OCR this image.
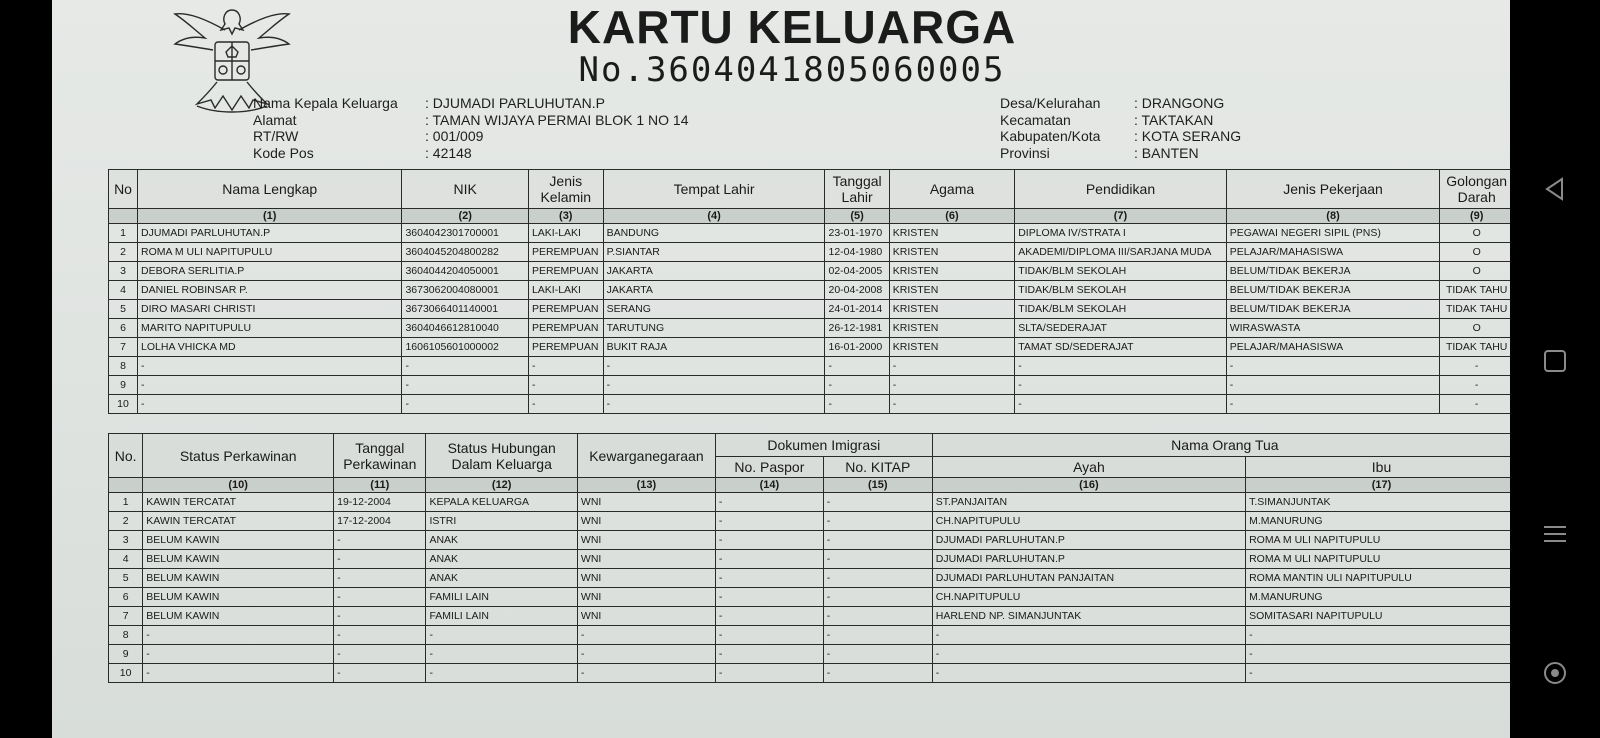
KARTU KELUARGA
No.3604041805060005
Nama Kepala Keluarga : DJUMADI PARLUHUTAN.P
Alamat	: TAMAN WIJAYA PERMAI BLOK 1 NO 14
RT/RW	: 001/009
Kode Pos	: 42148
Desa/Kelurahan : DRANGONG
Kecamatan	: TAKTAKAN
Kabupaten/Kota : KOTA SERANG
Provinsi	: BANTEN
No	Nama Lengkap	NIK	Jenis Kelamin	Tempat Lahir	Tanggal Lahir	Agama	Pendidikan	Jenis Pekerjaan	Golongan Darah
	(1)	(2)	(3)	(4)	(5)	(6)	(7)	(8)	(9)
1	DJUMADI PARLUHUTAN.P	3604042301700001	LAKI-LAKI	BANDUNG	23-01-1970	KRISTEN	DIPLOMA IV/STRATA I	PEGAWAI NEGERI SIPIL (PNS)	O
2	ROMA M ULI NAPITUPULU	3604045204800282	PEREMPUAN	P.SIANTAR	12-04-1980	KRISTEN	AKADEMI/DIPLOMA III/SARJANA MUDA	PELAJAR/MAHASISWA	O
3	DEBORA SERLITIA.P	3604044204050001	PEREMPUAN	JAKARTA	02-04-2005	KRISTEN	TIDAK/BLM SEKOLAH	BELUM/TIDAK BEKERJA	O
4	DANIEL ROBINSAR P.	3673062004080001	LAKI-LAKI	JAKARTA	20-04-2008	KRISTEN	TIDAK/BLM SEKOLAH	BELUM/TIDAK BEKERJA	TIDAK TAHU
5	DIRO MASARI CHRISTI	3673066401140001	PEREMPUAN	SERANG	24-01-2014	KRISTEN	TIDAK/BLM SEKOLAH	BELUM/TIDAK BEKERJA	TIDAK TAHU
6	MARITO NAPITUPULU	3604046612810040	PEREMPUAN	TARUTUNG	26-12-1981	KRISTEN	SLTA/SEDERAJAT	WIRASWASTA	O
7	LOLHA VHICKA MD	1606105601000002	PEREMPUAN	BUKIT RAJA	16-01-2000	KRISTEN	TAMAT SD/SEDERAJAT	PELAJAR/MAHASISWA	TIDAK TAHU
8	-	-	-	-	-	-	-	-	-
9	-	-	-	-	-	-	-	-	-
10	-	-	-	-	-	-	-	-	-
No.	Status Perkawinan	Tanggal Perkawinan	Status Hubungan Dalam Keluarga	Kewarganegaraan	Dokumen Imigrasi		Nama Orang Tua	
					No. Paspor	No. KITAP	Ayah	Ibu
	(10)	(11)	(12)	(13)	(14)	(15)	(16)	(17)
1	KAWIN TERCATAT	19-12-2004	KEPALA KELUARGA	WNI	-	-	ST.PANJAITAN	T.SIMANJUNTAK
2	KAWIN TERCATAT	17-12-2004	ISTRI	WNI	-	-	CH.NAPITUPULU	M.MANURUNG
3	BELUM KAWIN	-	ANAK	WNI	-	-	DJUMADI PARLUHUTAN.P	ROMA M ULI NAPITUPULU
4	BELUM KAWIN	-	ANAK	WNI	-	-	DJUMADI PARLUHUTAN.P	ROMA M ULI NAPITUPULU
5	BELUM KAWIN	-	ANAK	WNI	-	-	DJUMADI PARLUHUTAN PANJAITAN	ROMA MANTIN ULI NAPITUPULU
6	BELUM KAWIN	-	FAMILI LAIN	WNI	-	-	CH.NAPITUPULU	M.MANURUNG
7	BELUM KAWIN	-	FAMILI LAIN	WNI	-	-	HARLEND NP. SIMANJUNTAK	SOMITASARI NAPITUPULU
8	-	-	-	-	-	-	-	-
9	-	-	-	-	-	-	-	-
10	-	-	-	-	-	-	-	-
